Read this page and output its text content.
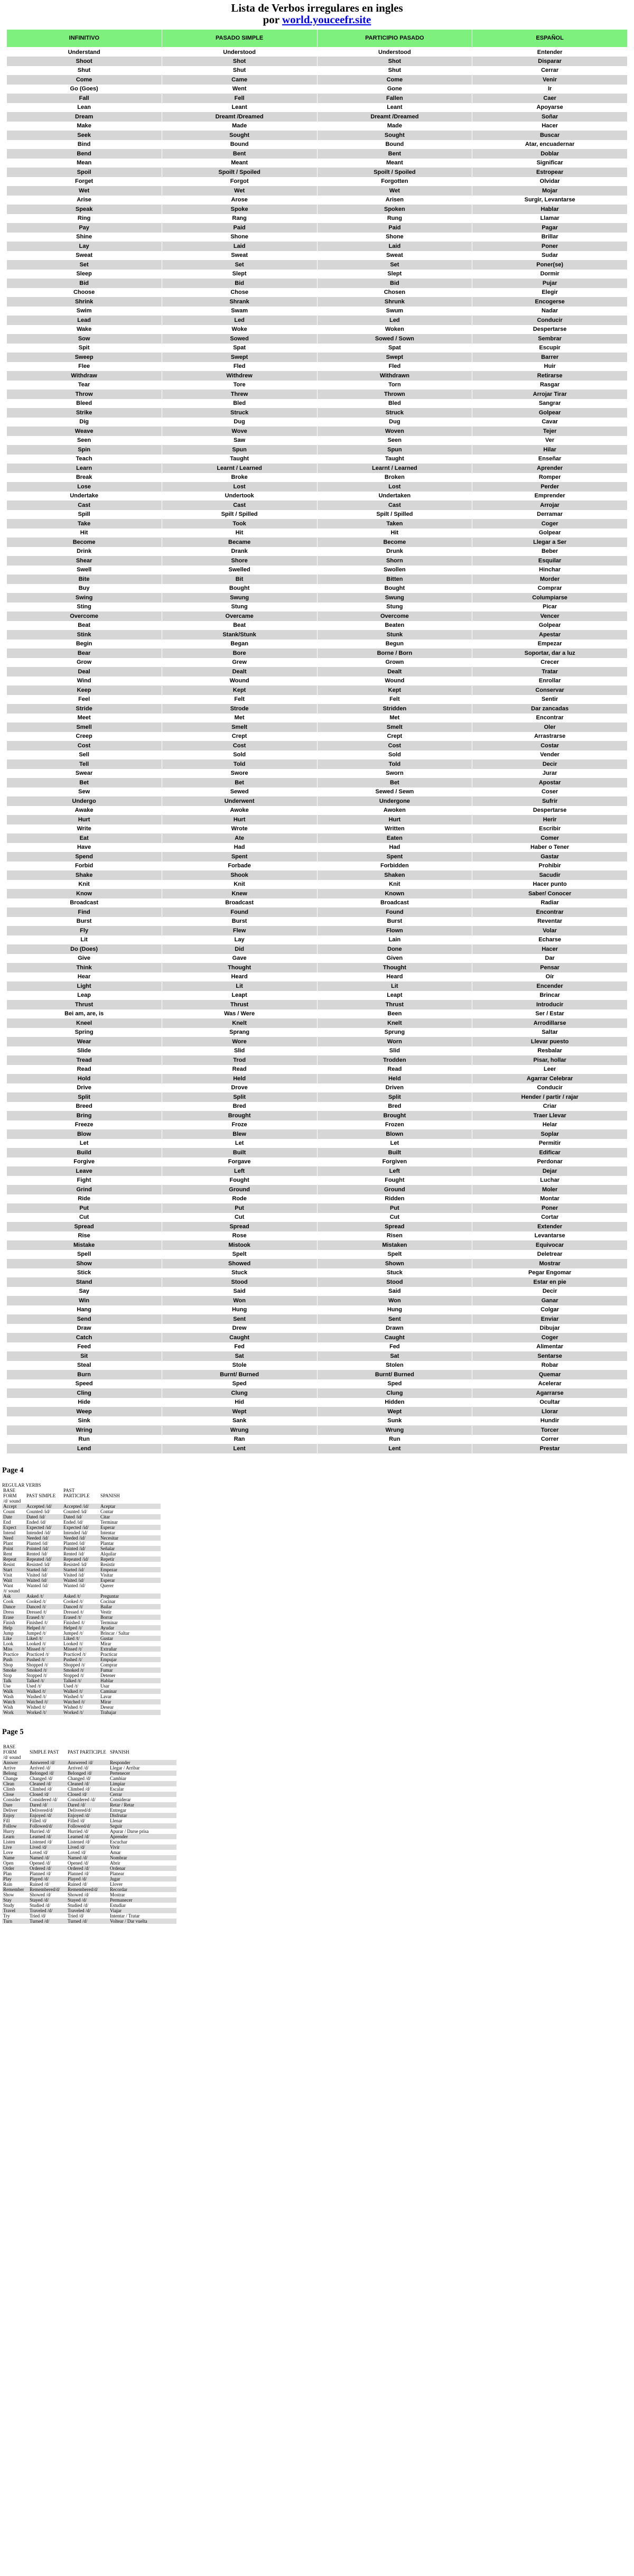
Lista de Verbos irregulares en ingles
por world.youceefr.site
INFINITIVO	PASADO SIMPLE	PARTICIPIO PASADO	ESPAÑOL
Understand	Understood	Understood	Entender
Shoot	Shot	Shot	Disparar
Shut	Shut	Shut	Cerrar
Come	Came	Come	Venir
Go (Goes)	Went	Gone	Ir
Fall	Fell	Fallen	Caer
Lean	Leant	Leant	Apoyarse
Dream	Dreamt /Dreamed	Dreamt /Dreamed	Soñar
Make	Made	Made	Hacer
Seek	Sought	Sought	Buscar
Bind	Bound	Bound	Atar, encuadernar
Bend	Bent	Bent	Doblar
Mean	Meant	Meant	Significar
Spoil	Spoilt / Spoiled	Spoilt / Spoiled	Estropear
Forget	Forgot	Forgotten	Olvidar
Wet	Wet	Wet	Mojar
Arise	Arose	Arisen	Surgir, Levantarse
Speak	Spoke	Spoken	Hablar
Ring	Rang	Rung	Llamar
Pay	Paid	Paid	Pagar
Shine	Shone	Shone	Brillar
Lay	Laid	Laid	Poner
Sweat	Sweat	Sweat	Sudar
Set	Set	Set	Poner(se)
Sleep	Slept	Slept	Dormir
Bid	Bid	Bid	Pujar
Choose	Chose	Chosen	Elegir
Shrink	Shrank	Shrunk	Encogerse
Swim	Swam	Swum	Nadar
Lead	Led	Led	Conducir
Wake	Woke	Woken	Despertarse
Sow	Sowed	Sowed / Sown	Sembrar
Spit	Spat	Spat	Escupir
Sweep	Swept	Swept	Barrer
Flee	Fled	Fled	Huir
Withdraw	Withdrew	Withdrawn	Retirarse
Tear	Tore	Torn	Rasgar
Throw	Threw	Thrown	Arrojar Tirar
Bleed	Bled	Bled	Sangrar
Strike	Struck	Struck	Golpear
Dig	Dug	Dug	Cavar
Weave	Wove	Woven	Tejer
Seen	Saw	Seen	Ver
Spin	Spun	Spun	Hilar
Teach	Taught	Taught	Enseñar
Learn	Learnt / Learned	Learnt / Learned	Aprender
Break	Broke	Broken	Romper
Lose	Lost	Lost	Perder
Undertake	Undertook	Undertaken	Emprender
Cast	Cast	Cast	Arrojar
Spill	Spilt / Spilled	Spilt / Spilled	Derramar
Take	Took	Taken	Coger
Hit	Hit	Hit	Golpear
Become	Became	Become	Llegar a Ser
Drink	Drank	Drunk	Beber
Shear	Shore	Shorn	Esquilar
Swell	Swelled	Swollen	Hinchar
Bite	Bit	Bitten	Morder
Buy	Bought	Bought	Comprar
Swing	Swung	Swung	Columpiarse
Sting	Stung	Stung	Picar
Overcome	Overcame	Overcome	Vencer
Beat	Beat	Beaten	Golpear
Stink	Stank/Stunk	Stunk	Apestar
Begin	Began	Begun	Empezar
Bear	Bore	Borne / Born	Soportar, dar a luz
Grow	Grew	Grown	Crecer
Deal	Dealt	Dealt	Tratar
Wind	Wound	Wound	Enrollar
Keep	Kept	Kept	Conservar
Feel	Felt	Felt	Sentir
Stride	Strode	Stridden	Dar zancadas
Meet	Met	Met	Encontrar
Smell	Smelt	Smelt	Oler
Creep	Crept	Crept	Arrastrarse
Cost	Cost	Cost	Costar
Sell	Sold	Sold	Vender
Tell	Told	Told	Decir
Swear	Swore	Sworn	Jurar
Bet	Bet	Bet	Apostar
Sew	Sewed	Sewed / Sewn	Coser
Undergo	Underwent	Undergone	Sufrir
Awake	Awoke	Awoken	Despertarse
Hurt	Hurt	Hurt	Herir
Write	Wrote	Written	Escribir
Eat	Ate	Eaten	Comer
Have	Had	Had	Haber o Tener
Spend	Spent	Spent	Gastar
Forbid	Forbade	Forbidden	Prohibir
Shake	Shook	Shaken	Sacudir
Knit	Knit	Knit	Hacer punto
Know	Knew	Known	Saber/ Conocer
Broadcast	Broadcast	Broadcast	Radiar
Find	Found	Found	Encontrar
Burst	Burst	Burst	Reventar
Fly	Flew	Flown	Volar
Lit	Lay	Lain	Echarse
Do (Does)	Did	Done	Hacer
Give	Gave	Given	Dar
Think	Thought	Thought	Pensar
Hear	Heard	Heard	Oír
Light	Lit	Lit	Encender
Leap	Leapt	Leapt	Brincar
Thrust	Thrust	Thrust	Introducir
Bei am, are, is	Was / Were	Been	Ser / Estar
Kneel	Knelt	Knelt	Arrodillarse
Spring	Sprang	Sprung	Saltar
Wear	Wore	Worn	Llevar puesto
Slide	Slid	Slid	Resbalar
Tread	Trod	Trodden	Pisar, hollar
Read	Read	Read	Leer
Hold	Held	Held	Agarrar Celebrar
Drive	Drove	Driven	Conducir
Split	Split	Split	Hender / partir / rajar
Breed	Bred	Bred	Criar
Bring	Brought	Brought	Traer Llevar
Freeze	Froze	Frozen	Helar
Blow	Blew	Blown	Soplar
Let	Let	Let	Permitir
Build	Built	Built	Edificar
Forgive	Forgave	Forgiven	Perdonar
Leave	Left	Left	Dejar
Fight	Fought	Fought	Luchar
Grind	Ground	Ground	Moler
Ride	Rode	Ridden	Montar
Put	Put	Put	Poner
Cut	Cut	Cut	Cortar
Spread	Spread	Spread	Extender
Rise	Rose	Risen	Levantarse
Mistake	Mistook	Mistaken	Equivocar
Spell	Spelt	Spelt	Deletrear
Show	Showed	Shown	Mostrar
Stick	Stuck	Stuck	Pegar Engomar
Stand	Stood	Stood	Estar en pie
Say	Said	Said	Decir
Win	Won	Won	Ganar
Hang	Hung	Hung	Colgar
Send	Sent	Sent	Enviar
Draw	Drew	Drawn	Dibujar
Catch	Caught	Caught	Coger
Feed	Fed	Fed	Alimentar
Sit	Sat	Sat	Sentarse
Steal	Stole	Stolen	Robar
Burn	Burnt/ Burned	Burnt/ Burned	Quemar
Speed	Sped	Sped	Acelerar
Cling	Clung	Clung	Agarrarse
Hide	Hid	Hidden	Ocultar
Weep	Wept	Wept	Llorar
Sink	Sank	Sunk	Hundir
Wring	Wrung	Wrung	Torcer
Run	Ran	Run	Correr
Lend	Lent	Lent	Prestar
Page 4
REGULAR VERBS
BASE FORM	PAST SIMPLE	PAST PARTICIPLE	SPANISH
/d/ sound			
Accept	Accepted /id/	Accepted /id/	Aceptar
Count	Counted /id/	Counted /id/	Contar
Date	Dated /id/	Dated /id/	Citar
End	Ended /id/	Ended /id/	Terminar
Expect	Expected /id/	Expected /id/	Esperar
Intend	Intended /id/	Intended /id/	Intentar
Need	Needed /id/	Needed /id/	Necesitar
Plant	Planted /id/	Planted /id/	Plantar
Point	Pointed /id/	Pointed /id/	Señalar
Rent	Rented /id/	Rented /id/	Alquilar
Repeat	Repeated /id/	Repeated /id/	Repetir
Resist	Resisted /id/	Resisted /id/	Resistir
Start	Started /id/	Started /id/	Empezar
Visit	Visited /id/	Visited /id/	Visitar
Wait	Waited /id/	Waited /id/	Esperar
Want	Wanted /id/	Wanted /id/	Querer
/t/ sound			
Ask	Asked /t/	Asked /t/	Preguntar
Cook	Cooked /t/	Cooked /t/	Cocinar
Dance	Danced /t/	Danced /t/	Bailar
Dress	Dressed /t/	Dressed /t/	Vestir
Erase	Erased /t/	Erased /t/	Borrar
Finish	Finished /t/	Finished /t/	Terminar
Help	Helped /t/	Helped /t/	Ayudar
Jump	Jumped /t/	Jumped /t/	Brincar / Saltar
Like	Liked /t/	Liked /t/	Gustar
Look	Looked /t/	Looked /t/	Mirar
Miss	Missed /t/	Missed /t/	Extrañar
Practice	Practiced /t/	Practiced /t/	Practicar
Push	Pushed /t/	Pushed /t/	Empujar
Shop	Shopped /t/	Shopped /t/	Comprar
Smoke	Smoked /t/	Smoked /t/	Fumar
Stop	Stopped /t/	Stopped /t/	Detener
Talk	Talked /t/	Talked /t/	Hablar
Use	Used /t/	Used /t/	Usar
Walk	Walked /t/	Walked /t/	Caminar
Wash	Washed /t/	Washed /t/	Lavar
Watch	Watched /t/	Watched /t/	Mirar
Wish	Wished /t/	Wished /t/	Desear
Work	Worked /t/	Worked /t/	Trabajar
Page 5
BASE FORM	SIMPLE PAST	PAST PARTICIPLE	SPANISH
/d/ sound			
Answer	Answered /d/	Answered /d/	Responder
Arrive	Arrived /d/	Arrived /d/	Llegar / Arribar
Belong	Belonged /d/	Belonged /d/	Pertenecer
Change	Changed /d/	Changed /d/	Cambiar
Clean	Cleaned /d/	Cleaned /d/	Limpiar
Climb	Climbed /d/	Climbed /d/	Escalar
Close	Closed /d/	Closed /d/	Cerrar
Consider	Considered /d/	Considered /d/	Considerar
Dare	Dared /d/	Dared /d/	Retar / Retar
Deliver	Delivered/d/	Delivered/d/	Entregar
Enjoy	Enjoyed /d/	Enjoyed /d/	Disfrutar
Fill	Filled /d/	Filled /d/	Llenar
Follow	Followed/d/	Followed/d/	Seguir
Hurry	Hurried /d/	Hurried /d/	Apurar / Darse prisa
Learn	Learned /d/	Learned /d/	Aprender
Listen	Listened /d/	Listened /d/	Escuchar
Live	Lived /d/	Lived /d/	Vivir
Love	Loved /d/	Loved /d/	Amar
Name	Named /d/	Named /d/	Nombrar
Open	Opened /d/	Opened /d/	Abrir
Order	Ordered /d/	Ordered /d/	Ordenar
Plan	Planned /d/	Planned /d/	Planear
Play	Played /d/	Played /d/	Jugar
Rain	Rained /d/	Rained /d/	Llover
Remember	Remembered/d/	Remembered/d/	Recordar
Show	Showed /d/	Showed /d/	Mostrar
Stay	Stayed /d/	Stayed /d/	Permanecer
Study	Studied /d/	Studied /d/	Estudiar
Travel	Traveled /d/	Traveled /d/	Viajar
Try	Tried /d/	Tried /d/	Intentar / Tratar
Turn	Turned /d/	Turned /d/	Voltear / Dar vuelta
